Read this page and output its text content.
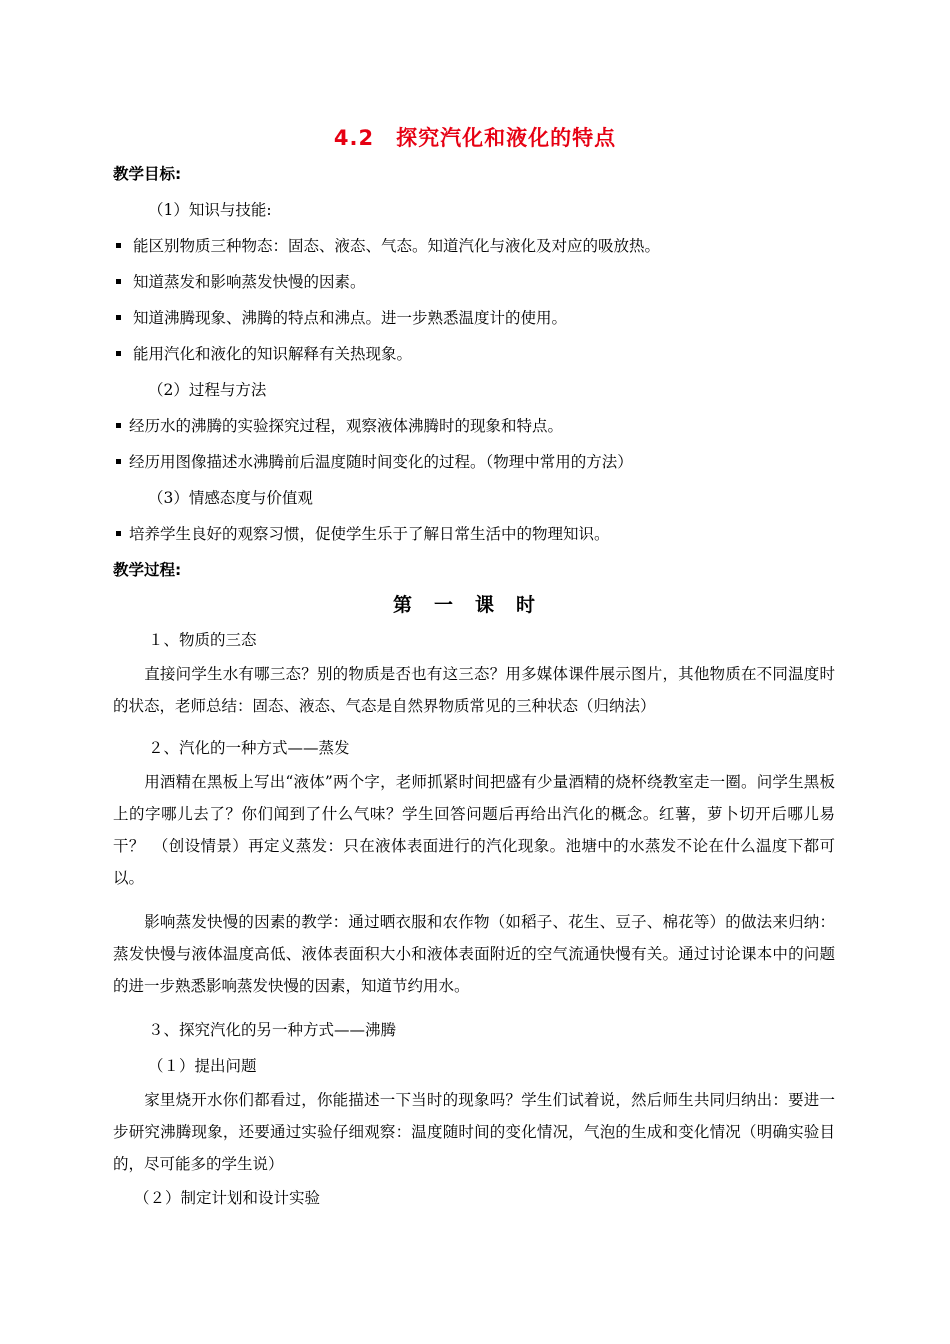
4.2　探究汽化和液化的特点
教学目标:
（1）知识与技能:
能区别物质三种物态：固态、液态、气态。知道汽化与液化及对应的吸放热。
知道蒸发和影响蒸发快慢的因素。
知道沸腾现象、沸腾的特点和沸点。进一步熟悉温度计的使用。
能用汽化和液化的知识解释有关热现象。
（2）过程与方法
经历水的沸腾的实验探究过程，观察液体沸腾时的现象和特点。
经历用图像描述水沸腾前后温度随时间变化的过程。（物理中常用的方法）
（3）情感态度与价值观
培养学生良好的观察习惯，促使学生乐于了解日常生活中的物理知识。
教学过程:
第一课时
１、物质的三态
直接问学生水有哪三态？别的物质是否也有这三态？用多媒体课件展示图片，其他物质在不同温度时的状态，老师总结：固态、液态、气态是自然界物质常见的三种状态（归纳法）
２、汽化的一种方式——蒸发
用酒精在黑板上写出“液体”两个字，老师抓紧时间把盛有少量酒精的烧杯绕教室走一圈。问学生黑板上的字哪儿去了？你们闻到了什么气味？学生回答问题后再给出汽化的概念。红薯，萝卜切开后哪儿易干？　（创设情景）再定义蒸发：只在液体表面进行的汽化现象。池塘中的水蒸发不论在什么温度下都可以。
影响蒸发快慢的因素的教学：通过晒衣服和农作物（如稻子、花生、豆子、棉花等）的做法来归纳：蒸发快慢与液体温度高低、液体表面积大小和液体表面附近的空气流通快慢有关。通过讨论课本中的问题的进一步熟悉影响蒸发快慢的因素，知道节约用水。
３、探究汽化的另一种方式——沸腾
（１）提出问题
家里烧开水你们都看过，你能描述一下当时的现象吗？学生们试着说，然后师生共同归纳出：要进一步研究沸腾现象，还要通过实验仔细观察：温度随时间的变化情况，气泡的生成和变化情况（明确实验目的，尽可能多的学生说）
（２）制定计划和设计实验
